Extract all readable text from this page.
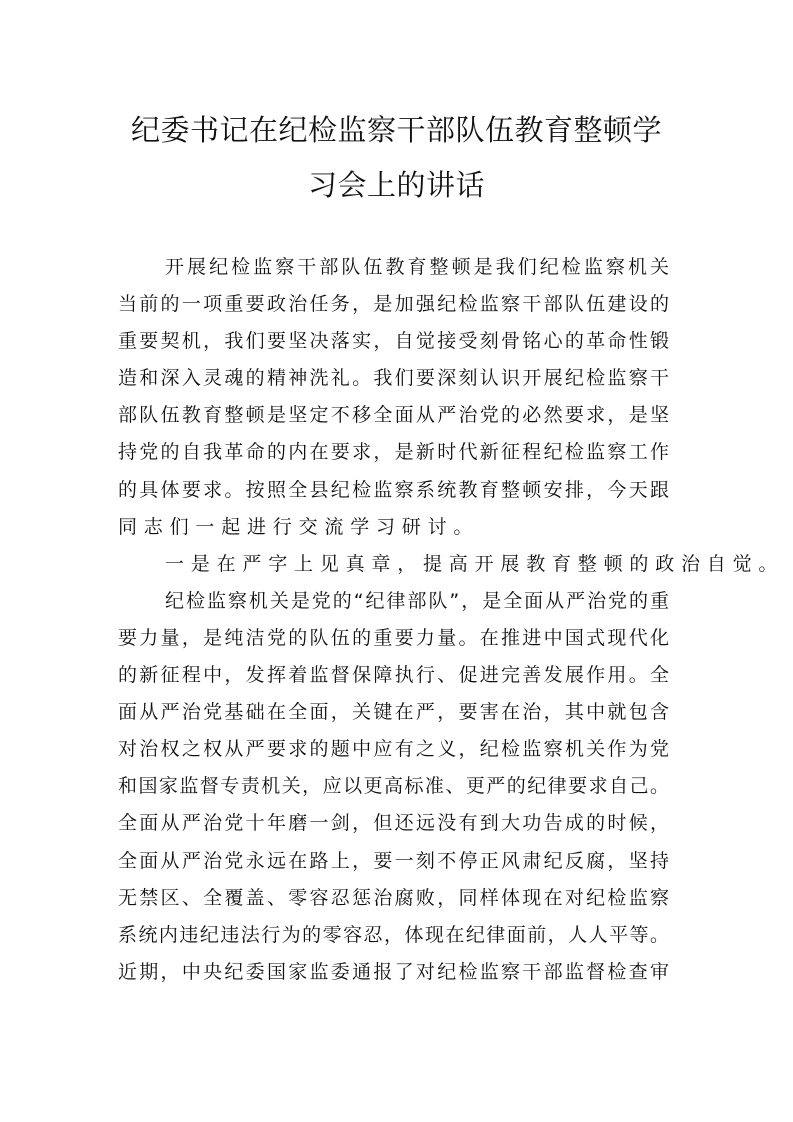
纪委书记在纪检监察干部队伍教育整顿学
习会上的讲话
开展纪检监察干部队伍教育整顿是我们纪检监察机关
当前的一项重要政治任务，是加强纪检监察干部队伍建设的
重要契机，我们要坚决落实，自觉接受刻骨铭心的革命性锻
造和深入灵魂的精神洗礼。我们要深刻认识开展纪检监察干
部队伍教育整顿是坚定不移全面从严治党的必然要求，是坚
持党的自我革命的内在要求，是新时代新征程纪检监察工作
的具体要求。按照全县纪检监察系统教育整顿安排，今天跟
同志们一起进行交流学习研讨。
一是在严字上见真章，提高开展教育整顿的政治自觉。
纪检监察机关是党的“纪律部队”，是全面从严治党的重
要力量，是纯洁党的队伍的重要力量。在推进中国式现代化
的新征程中，发挥着监督保障执行、促进完善发展作用。全
面从严治党基础在全面，关键在严，要害在治，其中就包含
对治权之权从严要求的题中应有之义，纪检监察机关作为党
和国家监督专责机关，应以更高标准、更严的纪律要求自己。
全面从严治党十年磨一剑，但还远没有到大功告成的时候，
全面从严治党永远在路上，要一刻不停正风肃纪反腐，坚持
无禁区、全覆盖、零容忍惩治腐败，同样体现在对纪检监察
系统内违纪违法行为的零容忍，体现在纪律面前，人人平等。
近期，中央纪委国家监委通报了对纪检监察干部监督检查审
